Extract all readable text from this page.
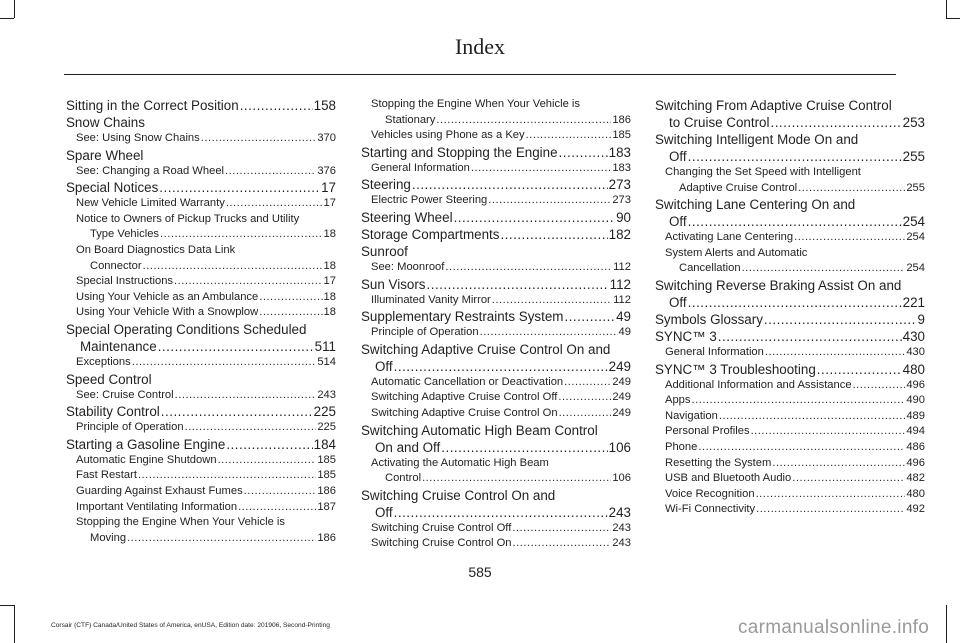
Index
Sitting in the Correct Position .....	158
Snow Chains
See: Using Snow Chains .....	370
Spare Wheel
See: Changing a Road Wheel .....	376
Special Notices .....	17
New Vehicle Limited Warranty .....	17
Notice to Owners of Pickup Trucks and Utility
Type Vehicles .....	18
On Board Diagnostics Data Link
Connector .....	18
Special Instructions .....	17
Using Your Vehicle as an Ambulance .....	18
Using Your Vehicle With a Snowplow .....	18
Special Operating Conditions Scheduled
Maintenance .....	511
Exceptions .....	514
Speed Control
See: Cruise Control .....	243
Stability Control .....	225
Principle of Operation .....	225
Starting a Gasoline Engine .....	184
Automatic Engine Shutdown .....	185
Fast Restart .....	185
Guarding Against Exhaust Fumes .....	186
Important Ventilating Information .....	187
Stopping the Engine When Your Vehicle is
Moving .....	186
Stopping the Engine When Your Vehicle is
Stationary .....	186
Vehicles using Phone as a Key .....	185
Starting and Stopping the Engine .....	183
General Information .....	183
Steering .....	273
Electric Power Steering .....	273
Steering Wheel .....	90
Storage Compartments .....	182
Sunroof
See: Moonroof .....	112
Sun Visors .....	112
Illuminated Vanity Mirror .....	112
Supplementary Restraints System .....	49
Principle of Operation .....	49
Switching Adaptive Cruise Control On and
Off .....	249
Automatic Cancellation or Deactivation .....	249
Switching Adaptive Cruise Control Off .....	249
Switching Adaptive Cruise Control On .....	249
Switching Automatic High Beam Control
On and Off .....	106
Activating the Automatic High Beam
Control .....	106
Switching Cruise Control On and
Off .....	243
Switching Cruise Control Off .....	243
Switching Cruise Control On .....	243
Switching From Adaptive Cruise Control
to Cruise Control .....	253
Switching Intelligent Mode On and
Off .....	255
Changing the Set Speed with Intelligent
Adaptive Cruise Control .....	255
Switching Lane Centering On and
Off .....	254
Activating Lane Centering .....	254
System Alerts and Automatic
Cancellation .....	254
Switching Reverse Braking Assist On and
Off .....	221
Symbols Glossary .....	9
SYNC™ 3 .....	430
General Information .....	430
SYNC™ 3 Troubleshooting .....	480
Additional Information and Assistance .....	496
Apps .....	490
Navigation .....	489
Personal Profiles .....	494
Phone .....	486
Resetting the System .....	496
USB and Bluetooth Audio .....	482
Voice Recognition .....	480
Wi-Fi Connectivity .....	492
585
Corsair (CTF) Canada/United States of America, enUSA, Edition date: 201906, Second-Printing	carmanualsonline.info
